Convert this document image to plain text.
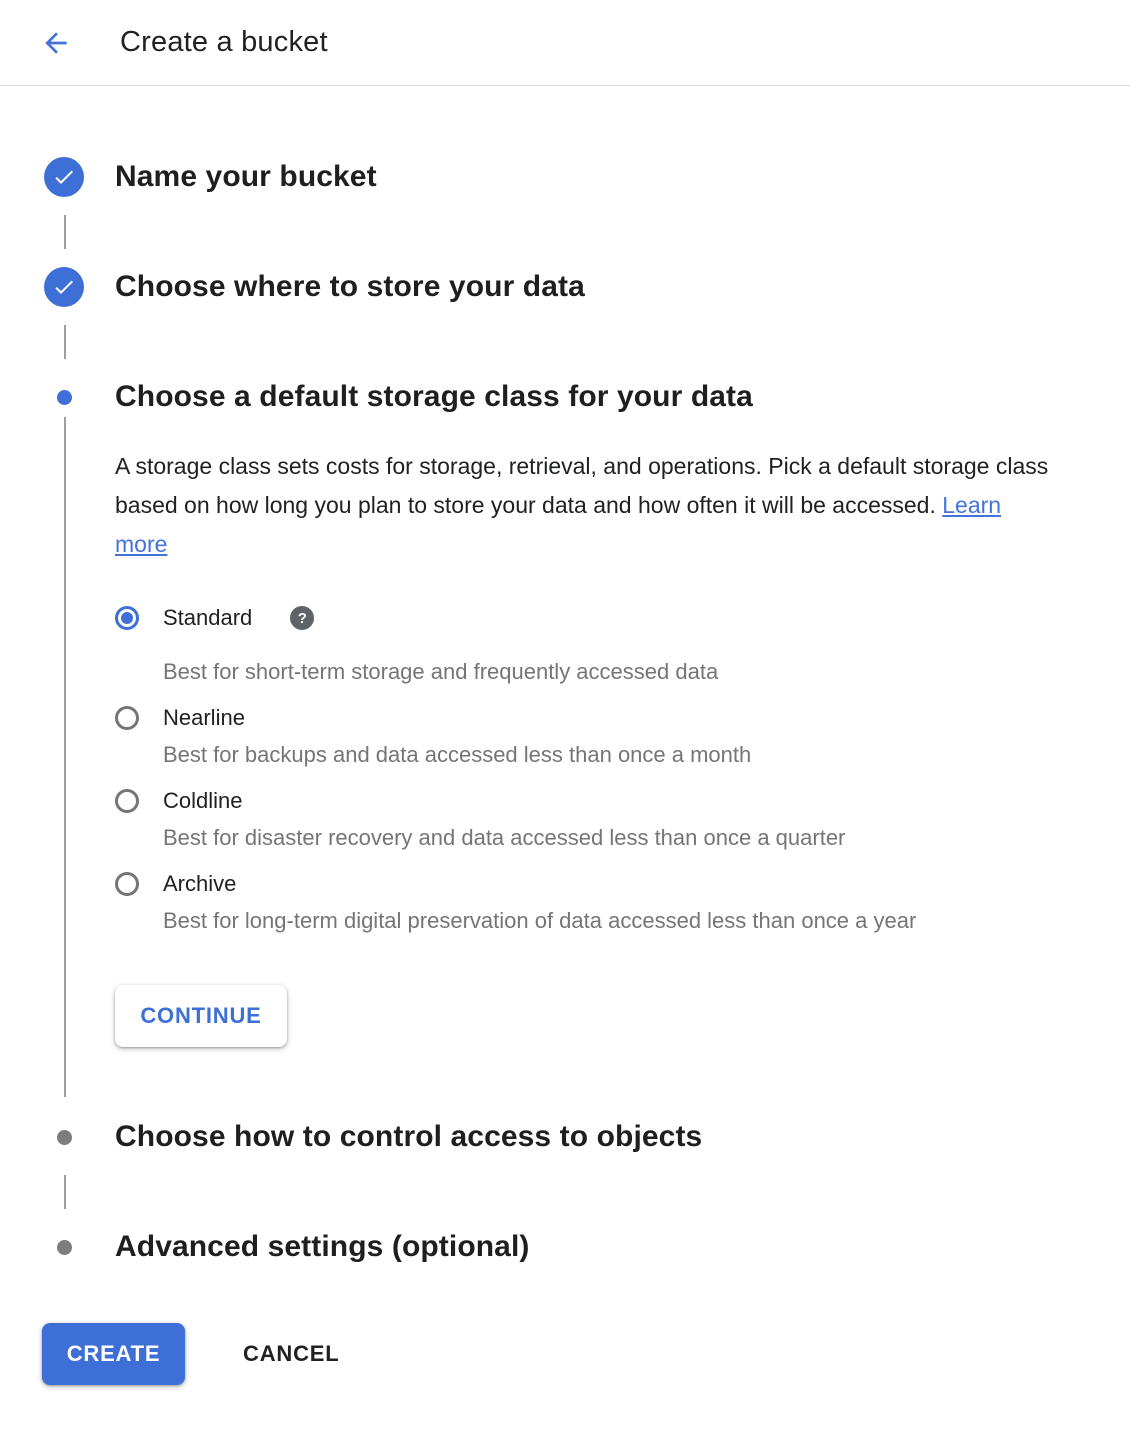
Create a bucket
Name your bucket
Choose where to store your data
Choose a default storage class for your data

A storage class sets costs for storage, retrieval, and operations. Pick a default storage class based on how long you plan to store your data and how often it will be accessed. Learn more

Standard	?
Best for short-term storage and frequently accessed data
Nearline
Best for backups and data accessed less than once a month
Coldline
Best for disaster recovery and data accessed less than once a quarter
Archive
Best for long-term digital preservation of data accessed less than once a year
CONTINUE
Choose how to control access to objects
Advanced settings (optional)
CREATE	CANCEL
